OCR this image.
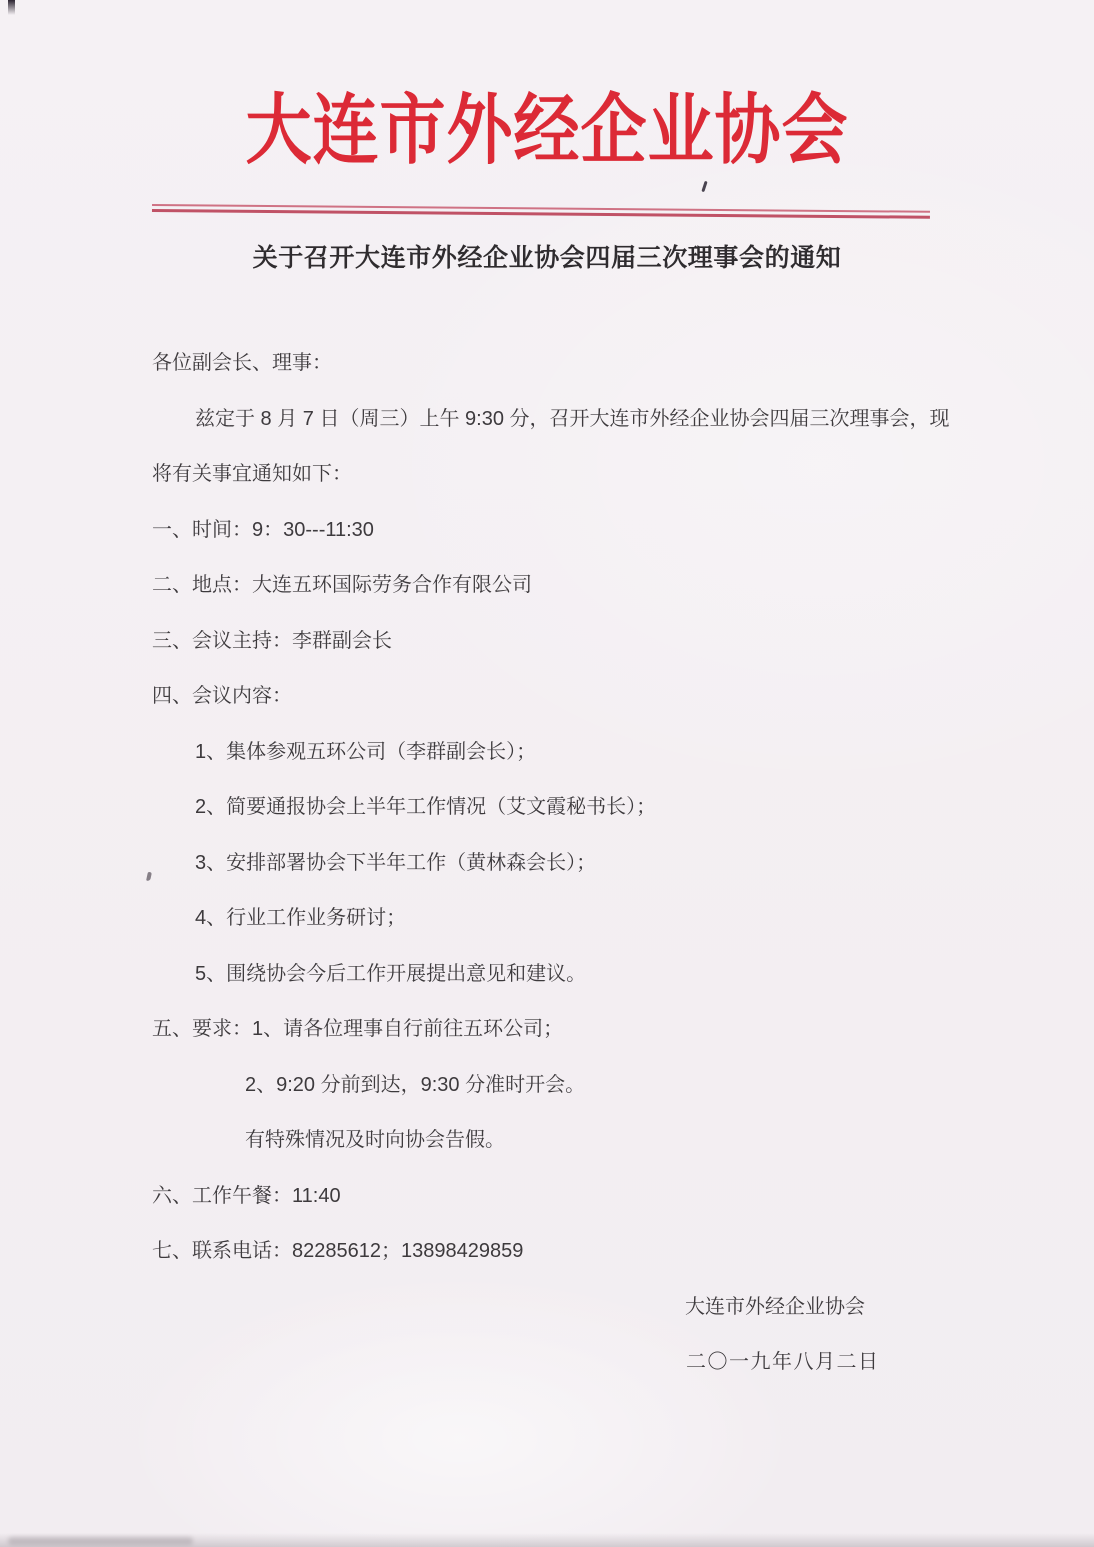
大连市外经企业协会
关于召开大连市外经企业协会四届三次理事会的通知
各位副会长、理事：
兹定于 8 月 7 日（周三）上午 9:30 分，召开大连市外经企业协会四届三次理事会，现
将有关事宜通知如下：
一、时间：9：30---11:30
二、地点：大连五环国际劳务合作有限公司
三、会议主持：李群副会长
四、会议内容：
1、集体参观五环公司（李群副会长）；
2、简要通报协会上半年工作情况（艾文霞秘书长）；
3、安排部署协会下半年工作（黄林森会长）；
4、行业工作业务研讨；
5、围绕协会今后工作开展提出意见和建议。
五、要求：1、请各位理事自行前往五环公司；
2、9:20 分前到达，9:30 分准时开会。
有特殊情况及时向协会告假。
六、工作午餐：11:40
七、联系电话：82285612；13898429859
大连市外经企业协会
二〇一九年八月二日
